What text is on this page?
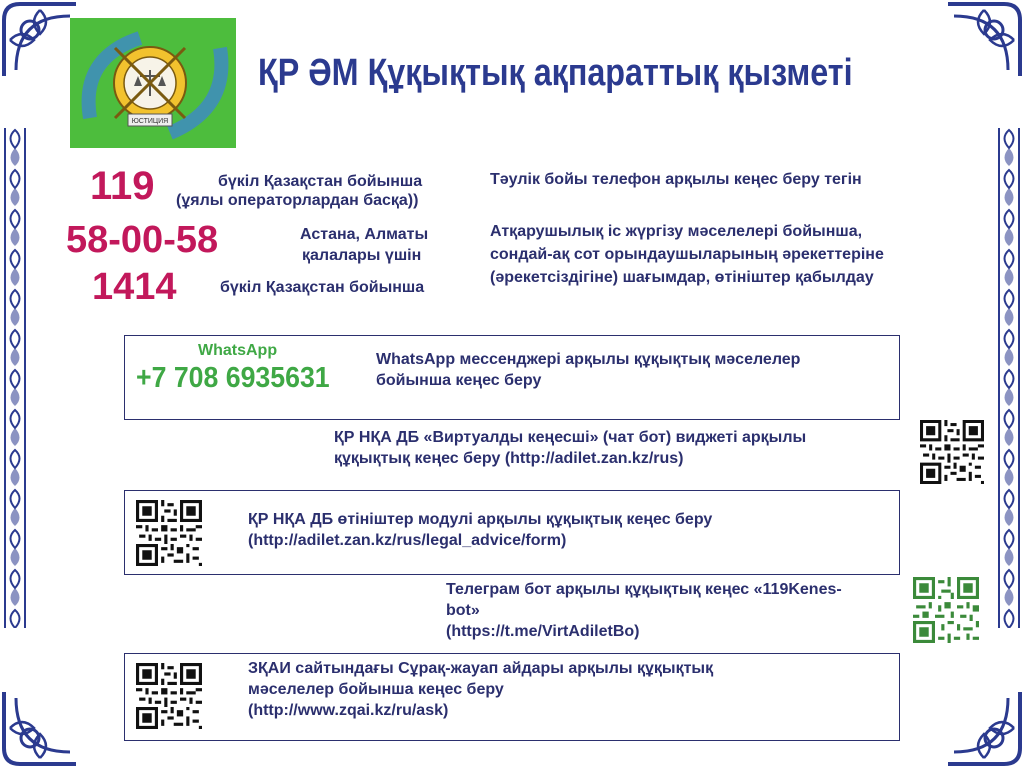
ЮСТИЦИЯ
ҚР ӘМ Құқықтық ақпараттық қызметі
119	бүкіл Қазақстан бойынша
(ұялы операторлардан басқа))
58-00-58	Астана, Алматы
қалалары үшін
1414	бүкіл Қазақстан бойынша
Тәулік бойы телефон арқылы кеңес беру тегін
Атқарушылық іс жүргізу мәселелері бойынша,
сондай-ақ сот орындаушыларының әрекеттеріне
(әрекетсіздігіне) шағымдар, өтініштер қабылдау
WhatsApp
+7 708 6935631
WhatsApp мессенджері арқылы құқықтық мәселелер
бойынша кеңес беру
ҚР НҚА ДБ «Виртуалды кеңесші» (чат бот) виджеті арқылы
құқықтық кеңес беру (http://adilet.zan.kz/rus)
ҚР НҚА ДБ өтініштер модулі арқылы құқықтық кеңес беру
(http://adilet.zan.kz/rus/legal_advice/form)
Телеграм бот арқылы құқықтық кеңес «119Kenes-
bot»
(https://t.me/VirtAdiletBo)
ЗҚАИ сайтындағы Сұрақ-жауап айдары арқылы құқықтық
мәселелер бойынша кеңес беру
(http://www.zqai.kz/ru/ask)
